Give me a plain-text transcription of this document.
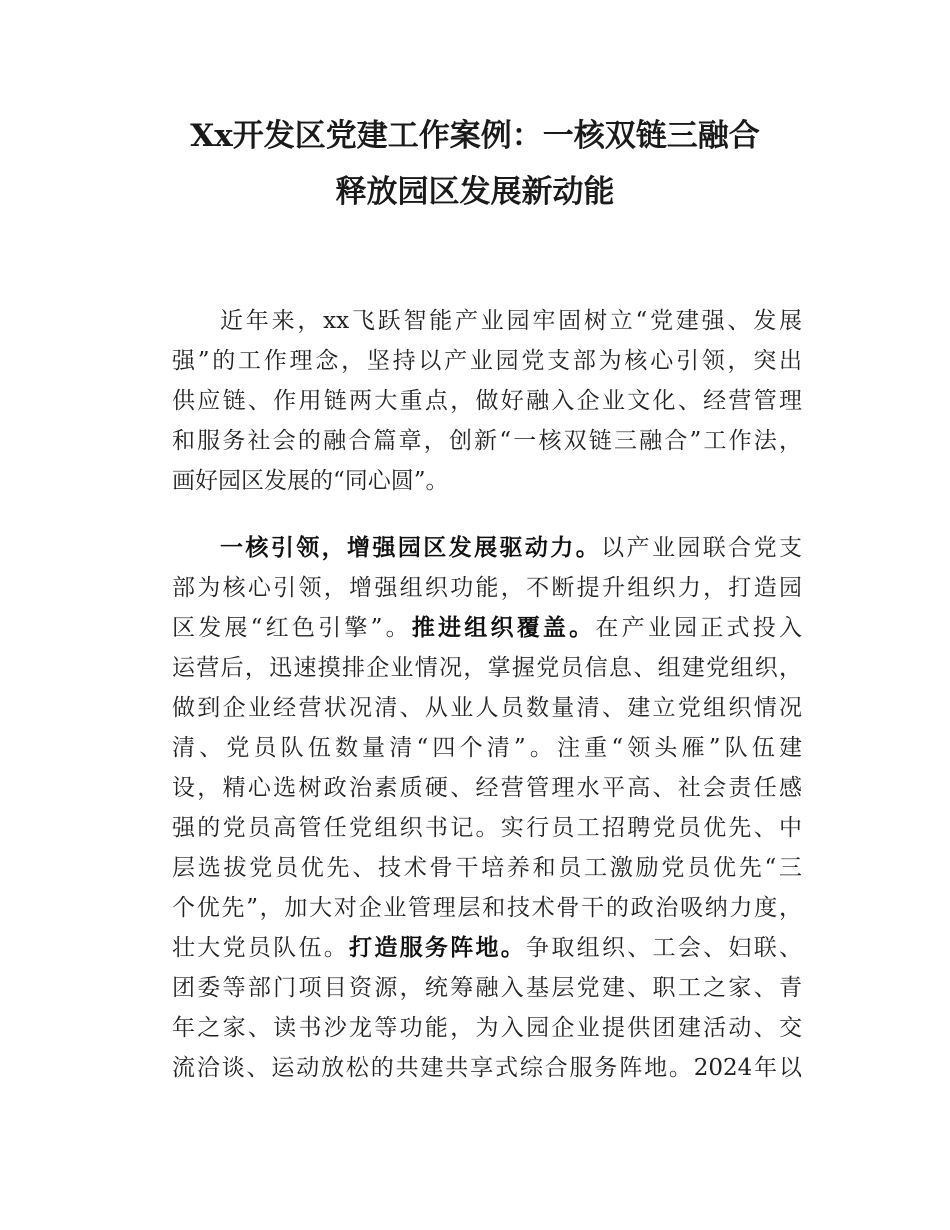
Xx开发区党建工作案例：一核双链三融合
释放园区发展新动能
近年来，xx飞跃智能产业园牢固树立“党建强、发展
强”的工作理念，坚持以产业园党支部为核心引领，突出
供应链、作用链两大重点，做好融入企业文化、经营管理
和服务社会的融合篇章，创新“一核双链三融合”工作法，
画好园区发展的“同心圆”。
一核引领，增强园区发展驱动力。以产业园联合党支
部为核心引领，增强组织功能，不断提升组织力，打造园
区发展“红色引擎”。推进组织覆盖。在产业园正式投入
运营后，迅速摸排企业情况，掌握党员信息、组建党组织，
做到企业经营状况清、从业人员数量清、建立党组织情况
清、党员队伍数量清“四个清”。注重“领头雁”队伍建
设，精心选树政治素质硬、经营管理水平高、社会责任感
强的党员高管任党组织书记。实行员工招聘党员优先、中
层选拔党员优先、技术骨干培养和员工激励党员优先“三
个优先”，加大对企业管理层和技术骨干的政治吸纳力度，
壮大党员队伍。打造服务阵地。争取组织、工会、妇联、
团委等部门项目资源，统筹融入基层党建、职工之家、青
年之家、读书沙龙等功能，为入园企业提供团建活动、交
流洽谈、运动放松的共建共享式综合服务阵地。2024年以
